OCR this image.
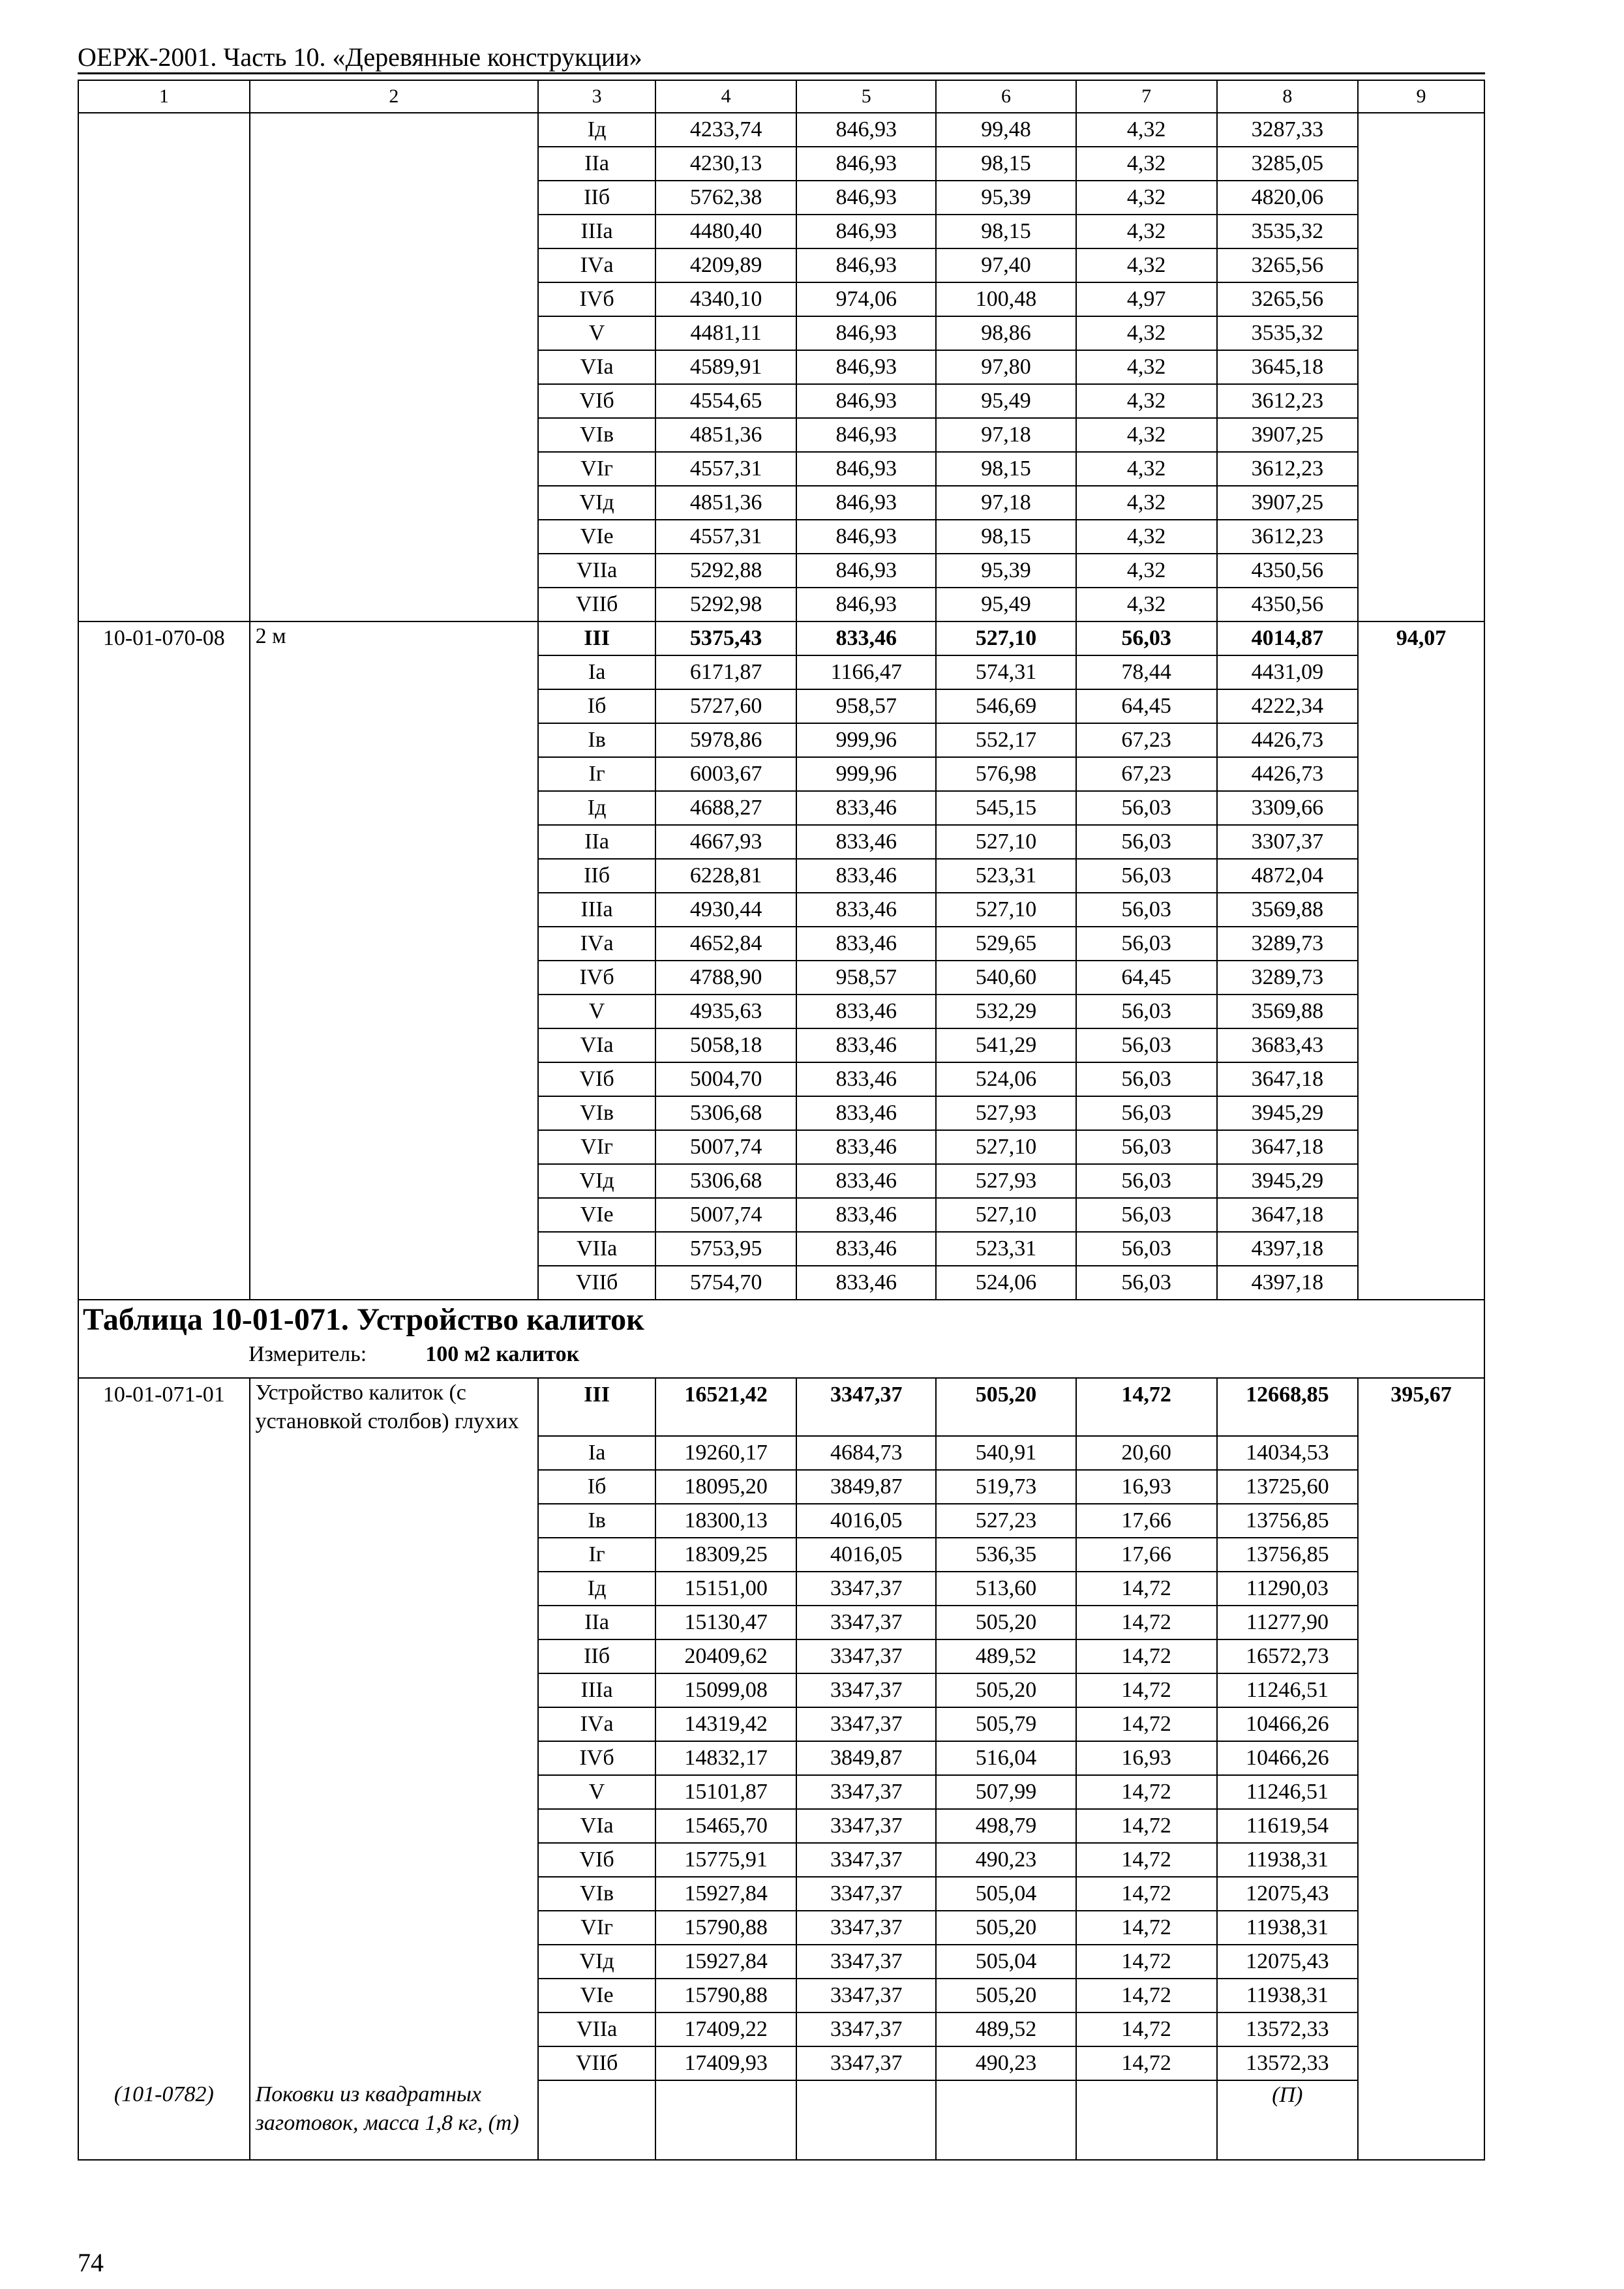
ОЕРЖ-2001. Часть 10. «Деревянные конструкции»
1	2	3	4	5	6	7	8	9
		Iд	4233,74	846,93	99,48	4,32	3287,33	
		IIа	4230,13	846,93	98,15	4,32	3285,05	
		IIб	5762,38	846,93	95,39	4,32	4820,06	
		IIIа	4480,40	846,93	98,15	4,32	3535,32	
		IVа	4209,89	846,93	97,40	4,32	3265,56	
		IVб	4340,10	974,06	100,48	4,97	3265,56	
		V	4481,11	846,93	98,86	4,32	3535,32	
		VIа	4589,91	846,93	97,80	4,32	3645,18	
		VIб	4554,65	846,93	95,49	4,32	3612,23	
		VIв	4851,36	846,93	97,18	4,32	3907,25	
		VIг	4557,31	846,93	98,15	4,32	3612,23	
		VIд	4851,36	846,93	97,18	4,32	3907,25	
		VIе	4557,31	846,93	98,15	4,32	3612,23	
		VIIа	5292,88	846,93	95,39	4,32	4350,56	
		VIIб	5292,98	846,93	95,49	4,32	4350,56	
10-01-070-08	2 м	III	5375,43	833,46	527,10	56,03	4014,87	94,07
		Iа	6171,87	1166,47	574,31	78,44	4431,09	
		Iб	5727,60	958,57	546,69	64,45	4222,34	
		Iв	5978,86	999,96	552,17	67,23	4426,73	
		Iг	6003,67	999,96	576,98	67,23	4426,73	
		Iд	4688,27	833,46	545,15	56,03	3309,66	
		IIа	4667,93	833,46	527,10	56,03	3307,37	
		IIб	6228,81	833,46	523,31	56,03	4872,04	
		IIIа	4930,44	833,46	527,10	56,03	3569,88	
		IVа	4652,84	833,46	529,65	56,03	3289,73	
		IVб	4788,90	958,57	540,60	64,45	3289,73	
		V	4935,63	833,46	532,29	56,03	3569,88	
		VIа	5058,18	833,46	541,29	56,03	3683,43	
		VIб	5004,70	833,46	524,06	56,03	3647,18	
		VIв	5306,68	833,46	527,93	56,03	3945,29	
		VIг	5007,74	833,46	527,10	56,03	3647,18	
		VIд	5306,68	833,46	527,93	56,03	3945,29	
		VIе	5007,74	833,46	527,10	56,03	3647,18	
		VIIа	5753,95	833,46	523,31	56,03	4397,18	
		VIIб	5754,70	833,46	524,06	56,03	4397,18	

Таблица 10-01-071. Устройство калиток
Измеритель: 100 м2 калиток								

10-01-071-01	Устройство калиток (с установкой столбов) глухих	III	16521,42	3347,37	505,20	14,72	12668,85	395,67
		Iа	19260,17	4684,73	540,91	20,60	14034,53	
		Iб	18095,20	3849,87	519,73	16,93	13725,60	
		Iв	18300,13	4016,05	527,23	17,66	13756,85	
		Iг	18309,25	4016,05	536,35	17,66	13756,85	
		Iд	15151,00	3347,37	513,60	14,72	11290,03	
		IIа	15130,47	3347,37	505,20	14,72	11277,90	
		IIб	20409,62	3347,37	489,52	14,72	16572,73	
		IIIа	15099,08	3347,37	505,20	14,72	11246,51	
		IVа	14319,42	3347,37	505,79	14,72	10466,26	
		IVб	14832,17	3849,87	516,04	16,93	10466,26	
		V	15101,87	3347,37	507,99	14,72	11246,51	
		VIа	15465,70	3347,37	498,79	14,72	11619,54	
		VIб	15775,91	3347,37	490,23	14,72	11938,31	
		VIв	15927,84	3347,37	505,04	14,72	12075,43	
		VIг	15790,88	3347,37	505,20	14,72	11938,31	
		VIд	15927,84	3347,37	505,04	14,72	12075,43	
		VIе	15790,88	3347,37	505,20	14,72	11938,31	
		VIIа	17409,22	3347,37	489,52	14,72	13572,33	
		VIIб	17409,93	3347,37	490,23	14,72	13572,33	
(101-0782)	Поковки из квадратных заготовок, масса 1,8 кг, (т)						(П)	
74
